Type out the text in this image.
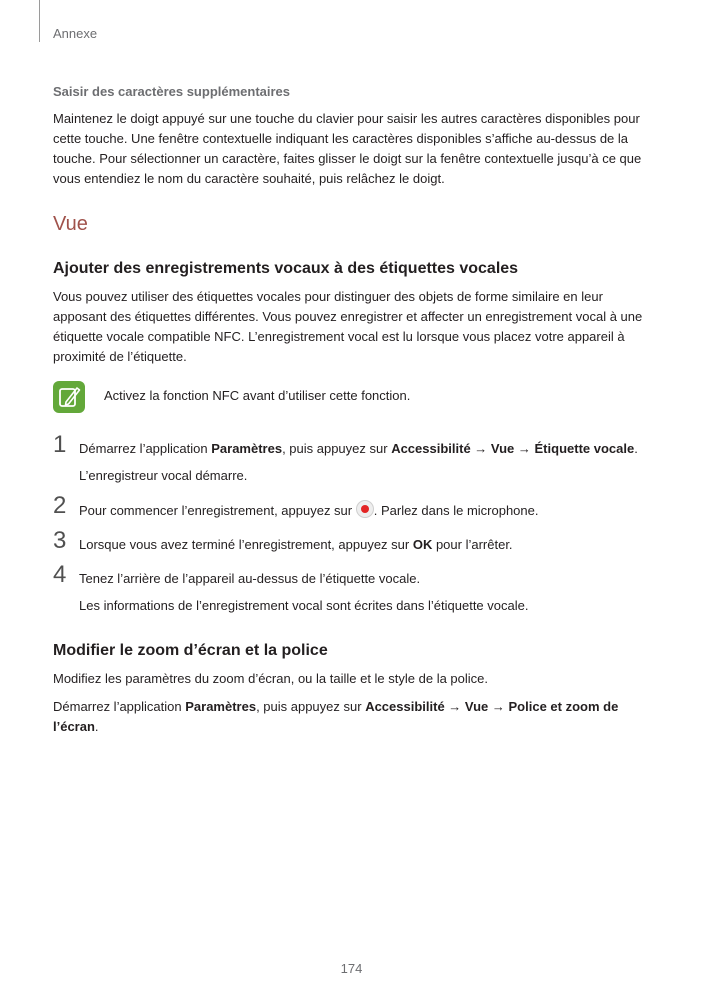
Annexe
Saisir des caractères supplémentaires

Maintenez le doigt appuyé sur une touche du clavier pour saisir les autres caractères disponibles pour cette touche. Une fenêtre contextuelle indiquant les caractères disponibles s’affiche au-dessus de la touche. Pour sélectionner un caractère, faites glisser le doigt sur la fenêtre contextuelle jusqu’à ce que vous entendiez le nom du caractère souhaité, puis relâchez le doigt.

Vue
Ajouter des enregistrements vocaux à des étiquettes vocales

Vous pouvez utiliser des étiquettes vocales pour distinguer des objets de forme similaire en leur apposant des étiquettes différentes. Vous pouvez enregistrer et affecter un enregistrement vocal à une étiquette vocale compatible NFC. L’enregistrement vocal est lu lorsque vous placez votre appareil à proximité de l’étiquette.

Activez la fonction NFC avant d’utiliser cette fonction.
1 Démarrez l’application Paramètres, puis appuyez sur Accessibilité → Vue → Étiquette vocale.
L’enregistreur vocal démarre.
2 Pour commencer l’enregistrement, appuyez sur . Parlez dans le microphone.
3 Lorsque vous avez terminé l’enregistrement, appuyez sur OK pour l’arrêter.
4 Tenez l’arrière de l’appareil au-dessus de l’étiquette vocale.
Les informations de l’enregistrement vocal sont écrites dans l’étiquette vocale.
Modifier le zoom d’écran et la police

Modifiez les paramètres du zoom d’écran, ou la taille et le style de la police.

Démarrez l’application Paramètres, puis appuyez sur Accessibilité → Vue → Police et zoom de l’écran.

174
